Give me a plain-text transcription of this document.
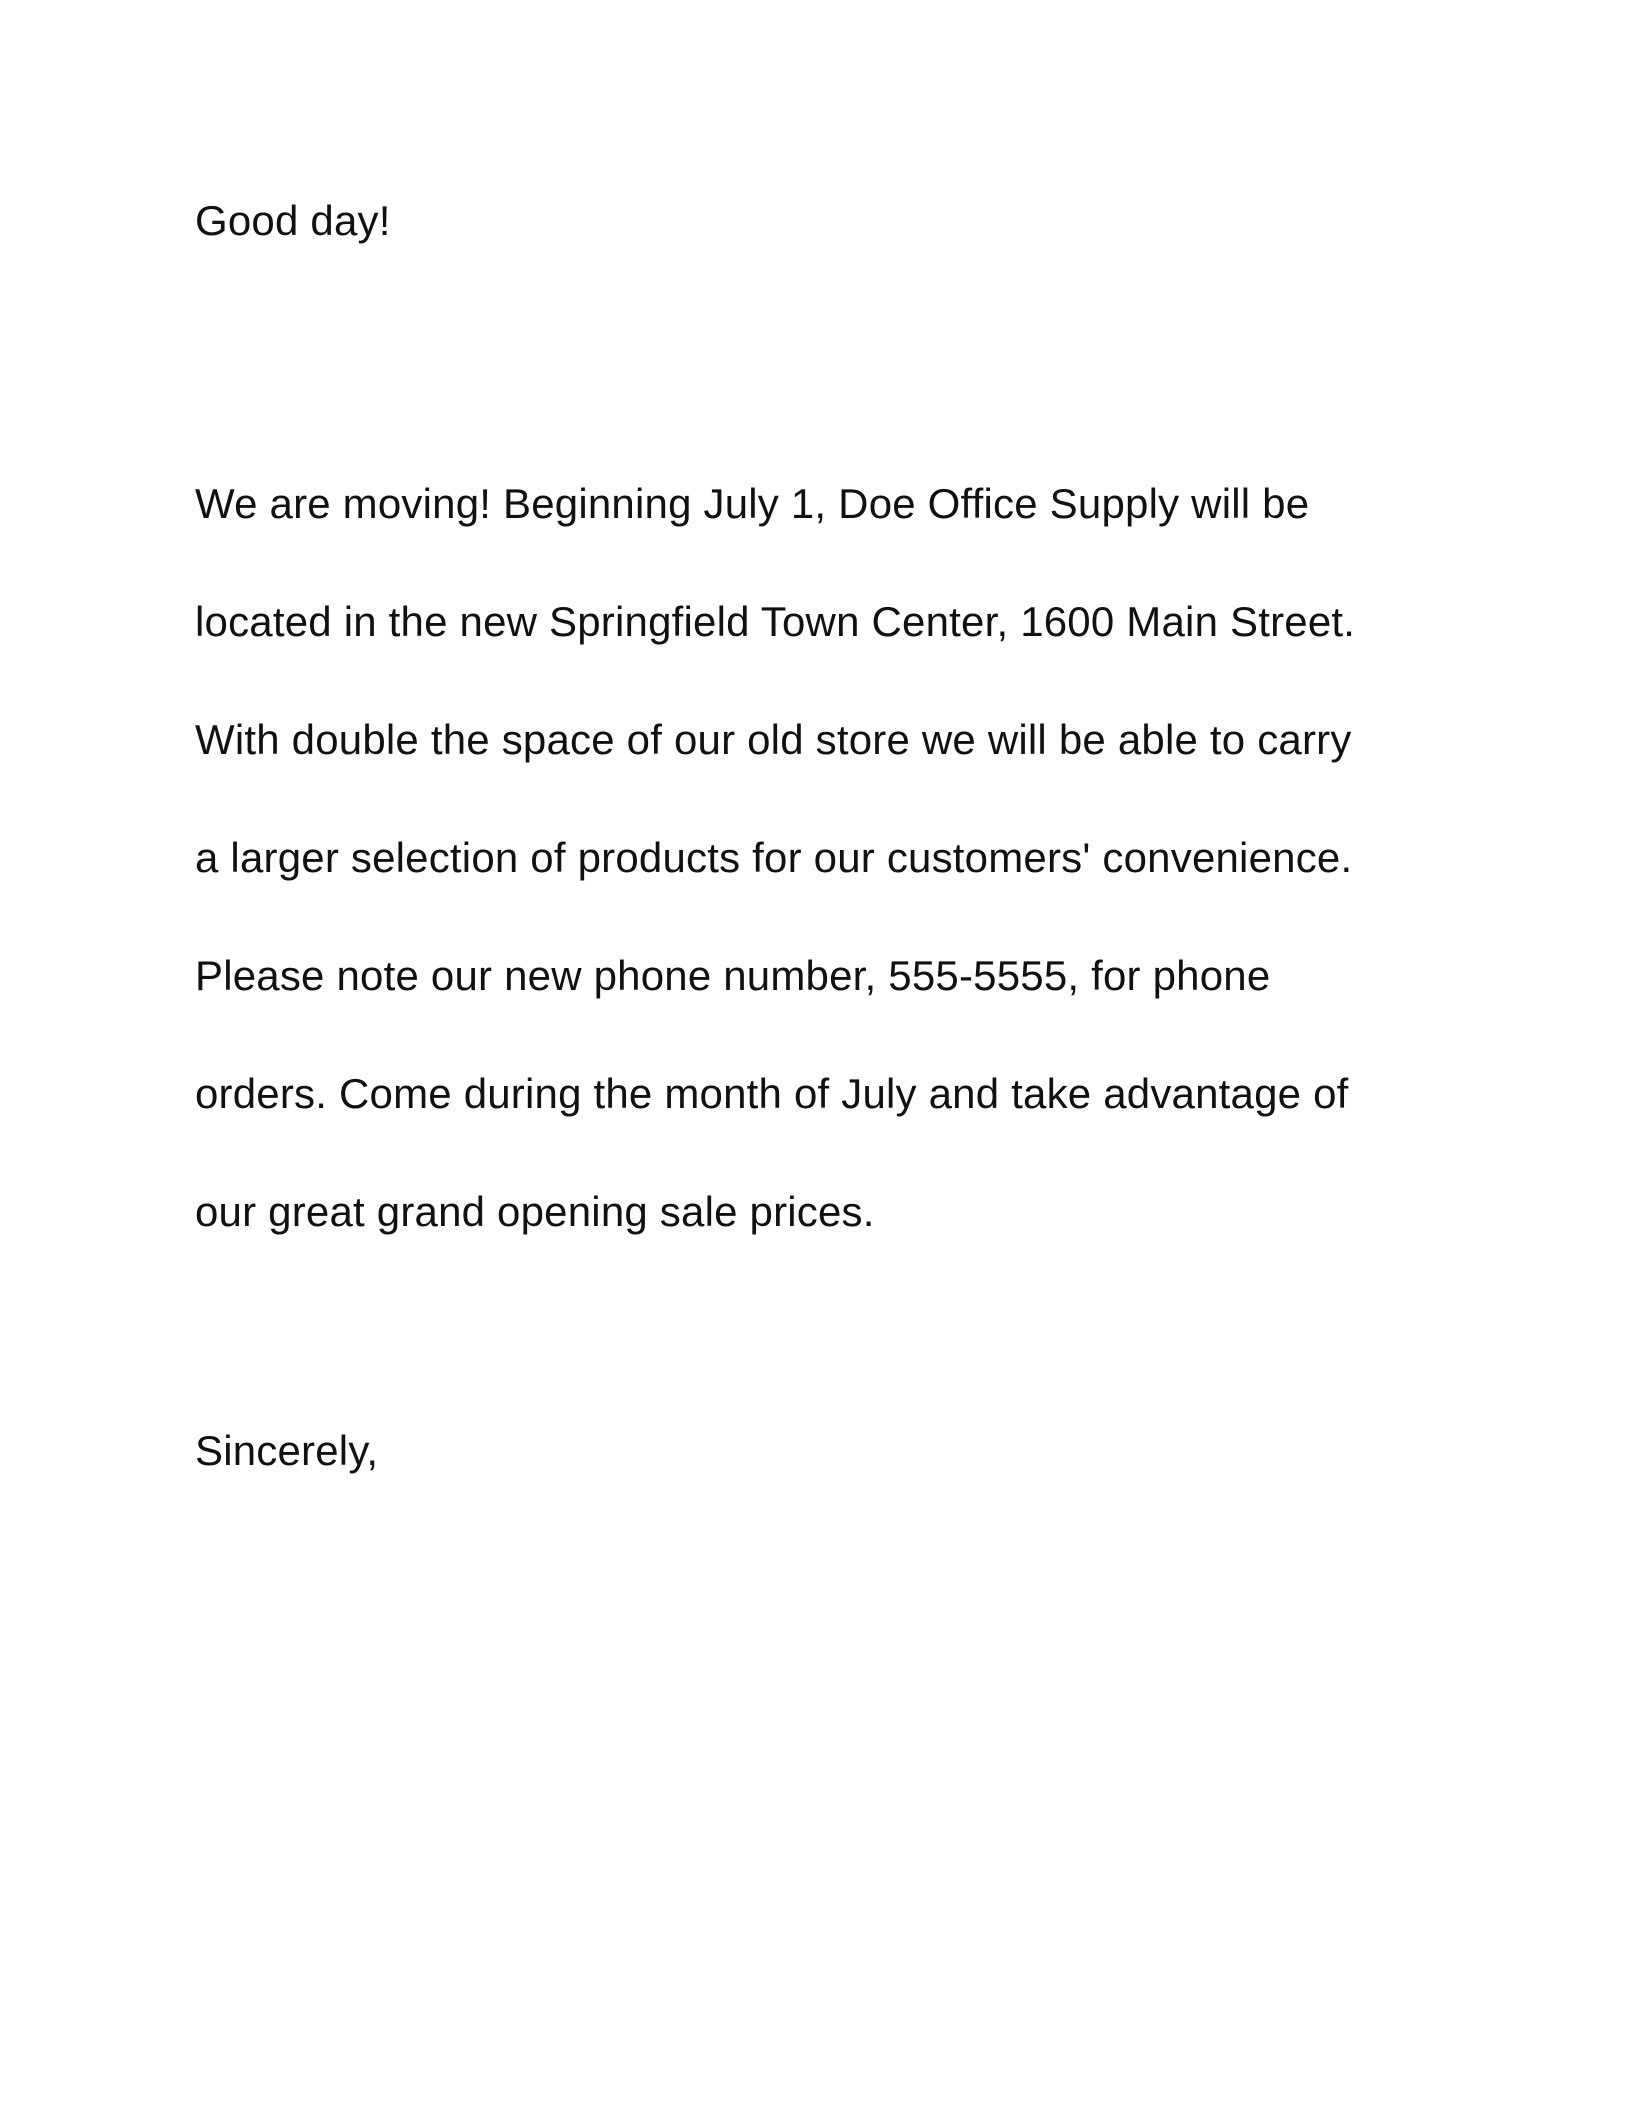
Good day!
We are moving! Beginning July 1, Doe Office Supply will be
located in the new Springfield Town Center, 1600 Main Street.
With double the space of our old store we will be able to carry
a larger selection of products for our customers' convenience.
Please note our new phone number, 555-5555, for phone
orders. Come during the month of July and take advantage of
our great grand opening sale prices.
Sincerely,
